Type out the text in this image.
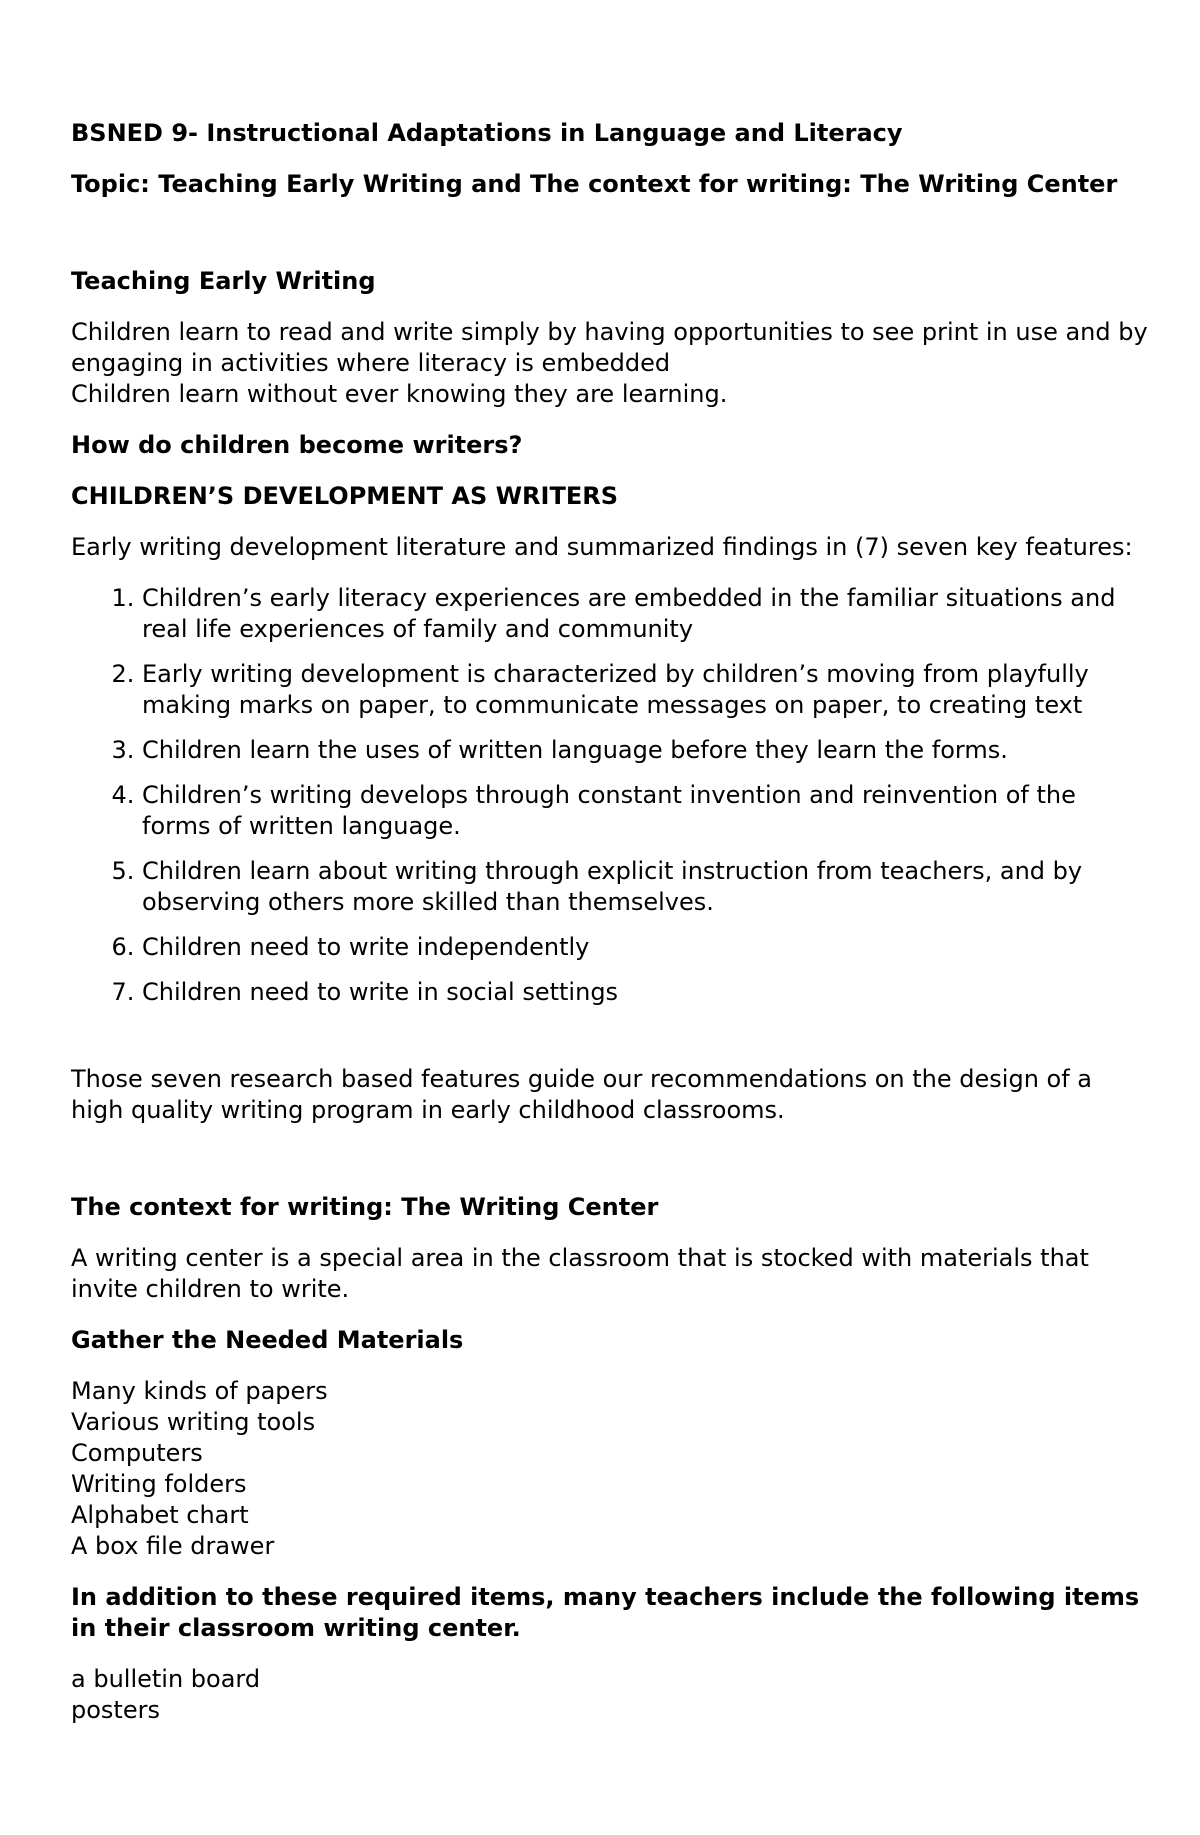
BSNED 9- Instructional Adaptations in Language and Literacy

Topic: Teaching Early Writing and The context for writing: The Writing Center

Teaching Early Writing

Children learn to read and write simply by having opportunities to see print in use and by
engaging in activities where literacy is embedded
Children learn without ever knowing they are learning.

How do children become writers?

CHILDREN’S DEVELOPMENT AS WRITERS

Early writing development literature and summarized findings in (7) seven key features:

1. Children’s early literacy experiences are embedded in the familiar situations and real life experiences of family and community
2. Early writing development is characterized by children’s moving from playfully making marks on paper, to communicate messages on paper, to creating text
3. Children learn the uses of written language before they learn the forms.
4. Children’s writing develops through constant invention and reinvention of the forms of written language.
5. Children learn about writing through explicit instruction from teachers, and by observing others more skilled than themselves.
6. Children need to write independently
7. Children need to write in social settings

Those seven research based features guide our recommendations on the design of a high quality writing program in early childhood classrooms.

The context for writing: The Writing Center

A writing center is a special area in the classroom that is stocked with materials that invite children to write.

Gather the Needed Materials

Many kinds of papers
Various writing tools
Computers
Writing folders
Alphabet chart
A box file drawer

In addition to these required items, many teachers include the following items in their classroom writing center.

a bulletin board
posters
